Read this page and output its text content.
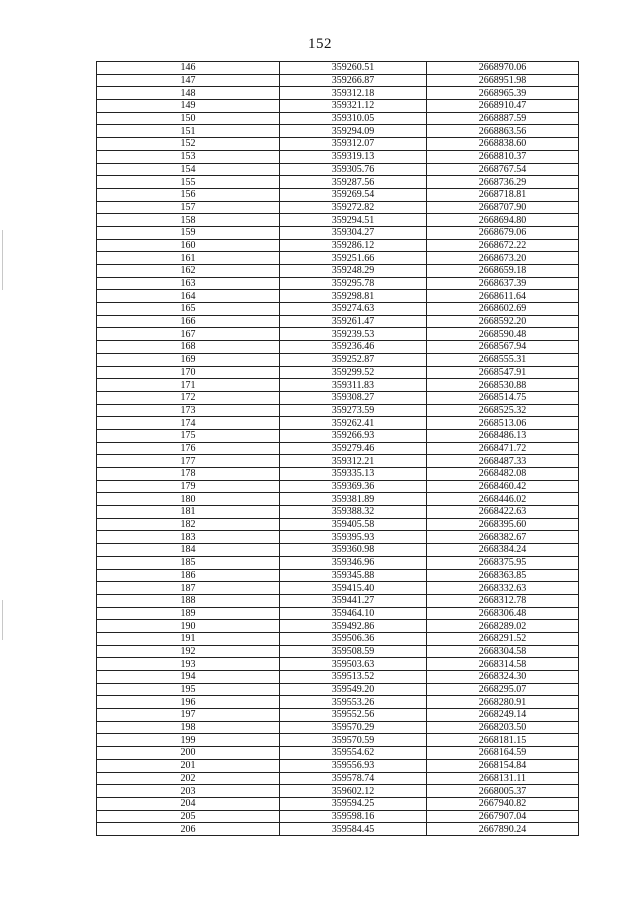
152
146	359260.51	2668970.06
147	359266.87	2668951.98
148	359312.18	2668965.39
149	359321.12	2668910.47
150	359310.05	2668887.59
151	359294.09	2668863.56
152	359312.07	2668838.60
153	359319.13	2668810.37
154	359305.76	2668767.54
155	359287.56	2668736.29
156	359269.54	2668718.81
157	359272.82	2668707.90
158	359294.51	2668694.80
159	359304.27	2668679.06
160	359286.12	2668672.22
161	359251.66	2668673.20
162	359248.29	2668659.18
163	359295.78	2668637.39
164	359298.81	2668611.64
165	359274.63	2668602.69
166	359261.47	2668592.20
167	359239.53	2668590.48
168	359236.46	2668567.94
169	359252.87	2668555.31
170	359299.52	2668547.91
171	359311.83	2668530.88
172	359308.27	2668514.75
173	359273.59	2668525.32
174	359262.41	2668513.06
175	359266.93	2668486.13
176	359279.46	2668471.72
177	359312.21	2668487.33
178	359335.13	2668482.08
179	359369.36	2668460.42
180	359381.89	2668446.02
181	359388.32	2668422.63
182	359405.58	2668395.60
183	359395.93	2668382.67
184	359360.98	2668384.24
185	359346.96	2668375.95
186	359345.88	2668363.85
187	359415.40	2668332.63
188	359441.27	2668312.78
189	359464.10	2668306.48
190	359492.86	2668289.02
191	359506.36	2668291.52
192	359508.59	2668304.58
193	359503.63	2668314.58
194	359513.52	2668324.30
195	359549.20	2668295.07
196	359553.26	2668280.91
197	359552.56	2668249.14
198	359570.29	2668203.50
199	359570.59	2668181.15
200	359554.62	2668164.59
201	359556.93	2668154.84
202	359578.74	2668131.11
203	359602.12	2668005.37
204	359594.25	2667940.82
205	359598.16	2667907.04
206	359584.45	2667890.24
